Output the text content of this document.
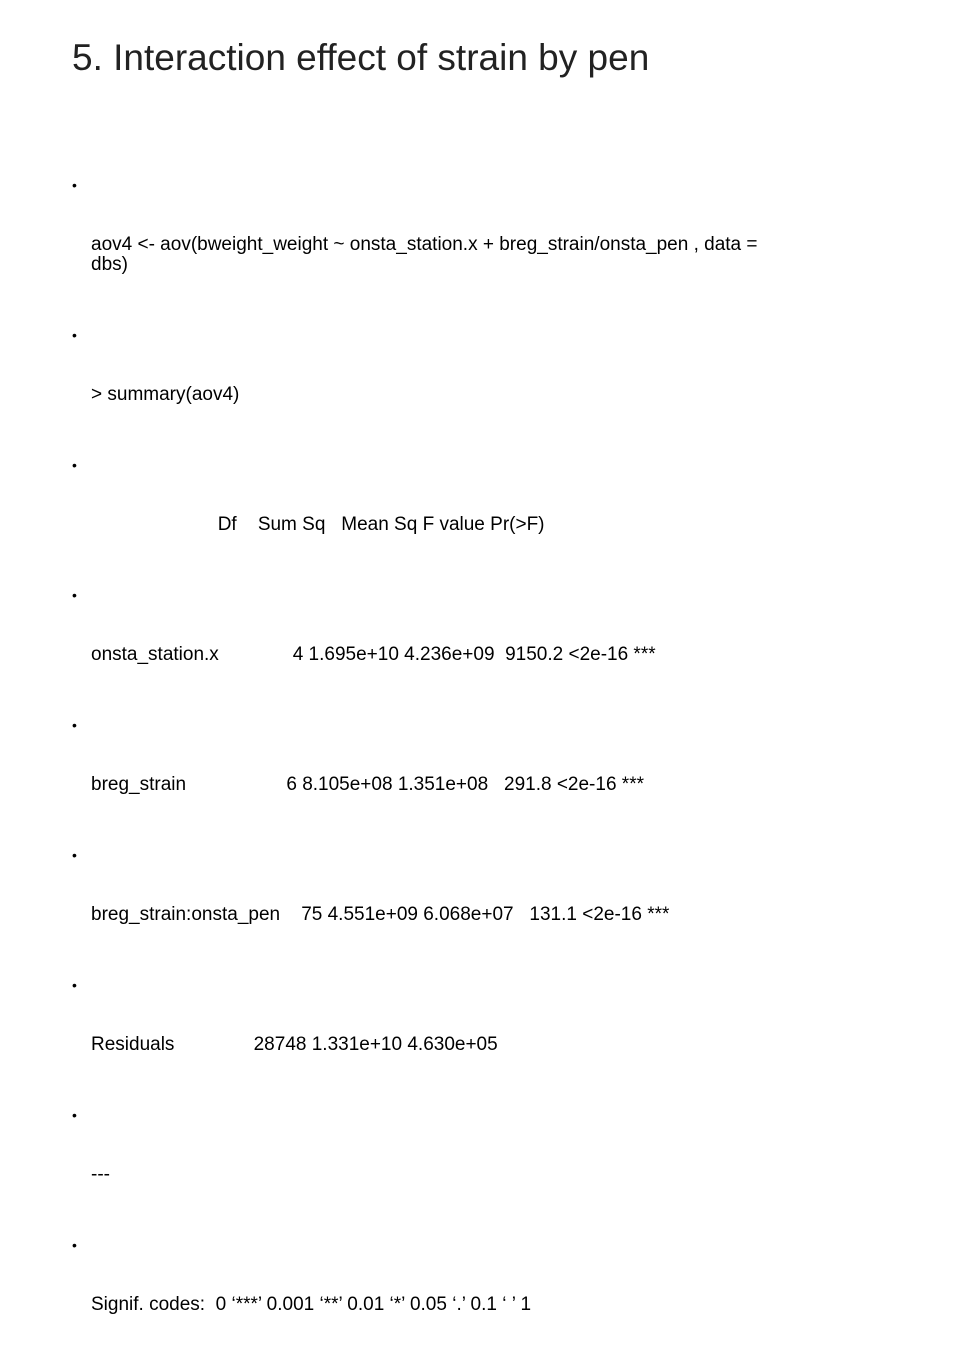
5. Interaction effect of strain by pen

•

aov4 <- aov(bweight_weight ~ onsta_station.x + breg_strain/onsta_pen , data =
dbs)

•

> summary(aov4)

•

Df    Sum Sq   Mean Sq F value Pr(>F)

•

onsta_station.x              4 1.695e+10 4.236e+09  9150.2 <2e-16 ***

•

breg_strain                   6 8.105e+08 1.351e+08   291.8 <2e-16 ***

•

breg_strain:onsta_pen    75 4.551e+09 6.068e+07   131.1 <2e-16 ***

•

Residuals               28748 1.331e+10 4.630e+05

•

---

•

Signif. codes:  0 ‘***’ 0.001 ‘**’ 0.01 ‘*’ 0.05 ‘.’ 0.1 ‘ ’ 1
